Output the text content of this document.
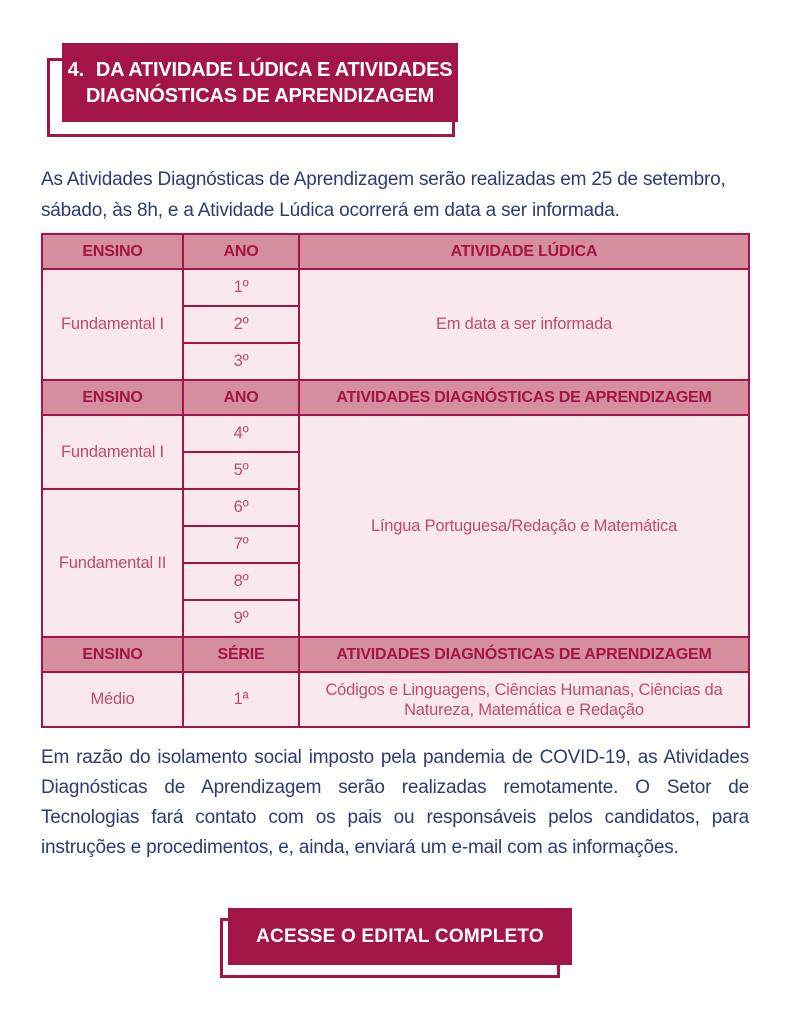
4. DA ATIVIDADE LÚDICA E ATIVIDADES
DIAGNÓSTICAS DE APRENDIZAGEM

As Atividades Diagnósticas de Aprendizagem serão realizadas em 25 de setembro, sábado, às 8h, e a Atividade Lúdica ocorrerá em data a ser informada.

ENSINO	ANO	ATIVIDADE LÚDICA
Fundamental I	1º	Em data a ser informada
	2º	
	3º	
ENSINO	ANO	ATIVIDADES DIAGNÓSTICAS DE APRENDIZAGEM
Fundamental I	4º	Língua Portuguesa/Redação e Matemática
	5º	
Fundamental II	6º	
	7º	
	8º	
	9º	
ENSINO	SÉRIE	ATIVIDADES DIAGNÓSTICAS DE APRENDIZAGEM
Médio	1ª	Códigos e Linguagens, Ciências Humanas, Ciências da Natureza, Matemática e Redação

Em razão do isolamento social imposto pela pandemia de COVID-19, as Atividades Diagnósticas de Aprendizagem serão realizadas remotamente. O Setor de Tecnologias fará contato com os pais ou responsáveis pelos candidatos, para instruções e procedimentos, e, ainda, enviará um e-mail com as informações.

ACESSE O EDITAL COMPLETO
